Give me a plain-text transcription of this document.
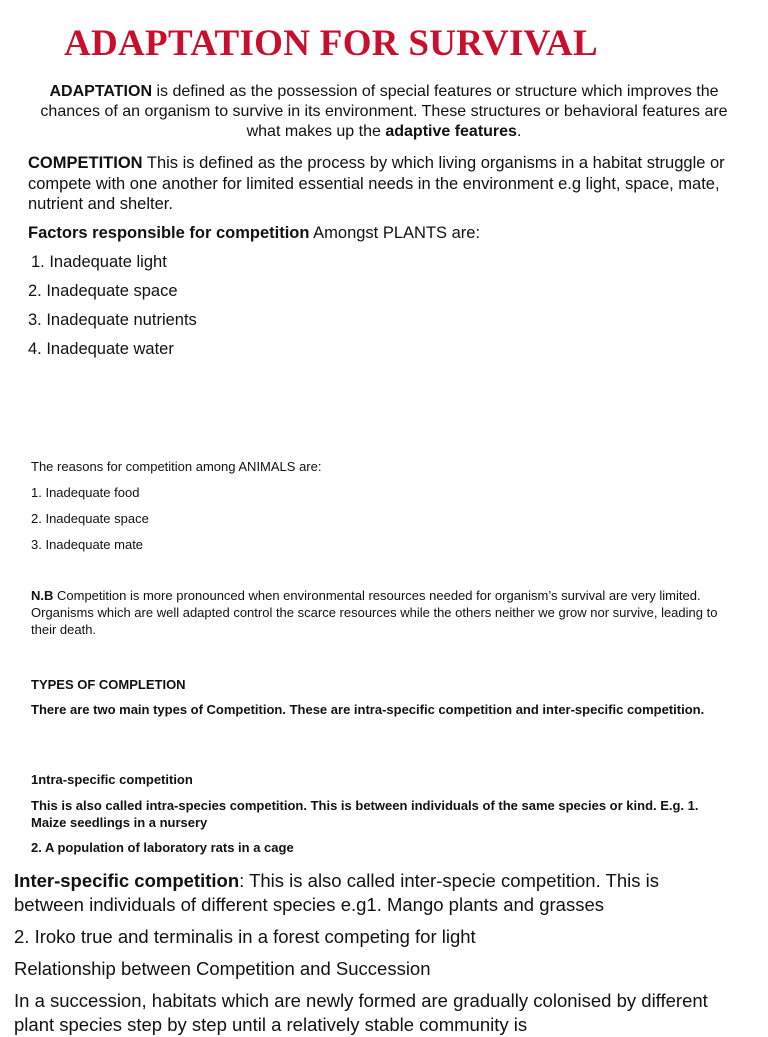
ADAPTATION FOR SURVIVAL

ADAPTATION is defined as the possession of special features or structure which improves the chances of an organism to survive in its environment. These structures or behavioral features are what makes up the adaptive features.

COMPETITION This is defined as the process by which living organisms in a habitat struggle or compete with one another for limited essential needs in the environment e.g light, space, mate, nutrient and shelter.

Factors responsible for competition Amongst PLANTS are:

1. Inadequate light
2. Inadequate space
3. Inadequate nutrients
4. Inadequate water
The reasons for competition among ANIMALS are:
1. Inadequate food
2. Inadequate space
3. Inadequate mate

N.B Competition is more pronounced when environmental resources needed for organism’s survival are very limited. Organisms which are well adapted control the scarce resources while the others neither we grow nor survive, leading to their death.

TYPES OF COMPLETION
There are two main types of Competition. These are intra-specific competition and inter-specific competition.
1ntra-specific competition
This is also called intra-species competition. This is between individuals of the same species or kind. E.g. 1. Maize seedlings in a nursery
2. A population of laboratory rats in a cage

Inter-specific competition: This is also called inter-specie competition. This is between individuals of different species e.g1. Mango plants and grasses

2. Iroko true and terminalis in a forest competing for light
Relationship between Competition and Succession
In a succession, habitats which are newly formed are gradually colonised by different plant species step by step until a relatively stable community is
